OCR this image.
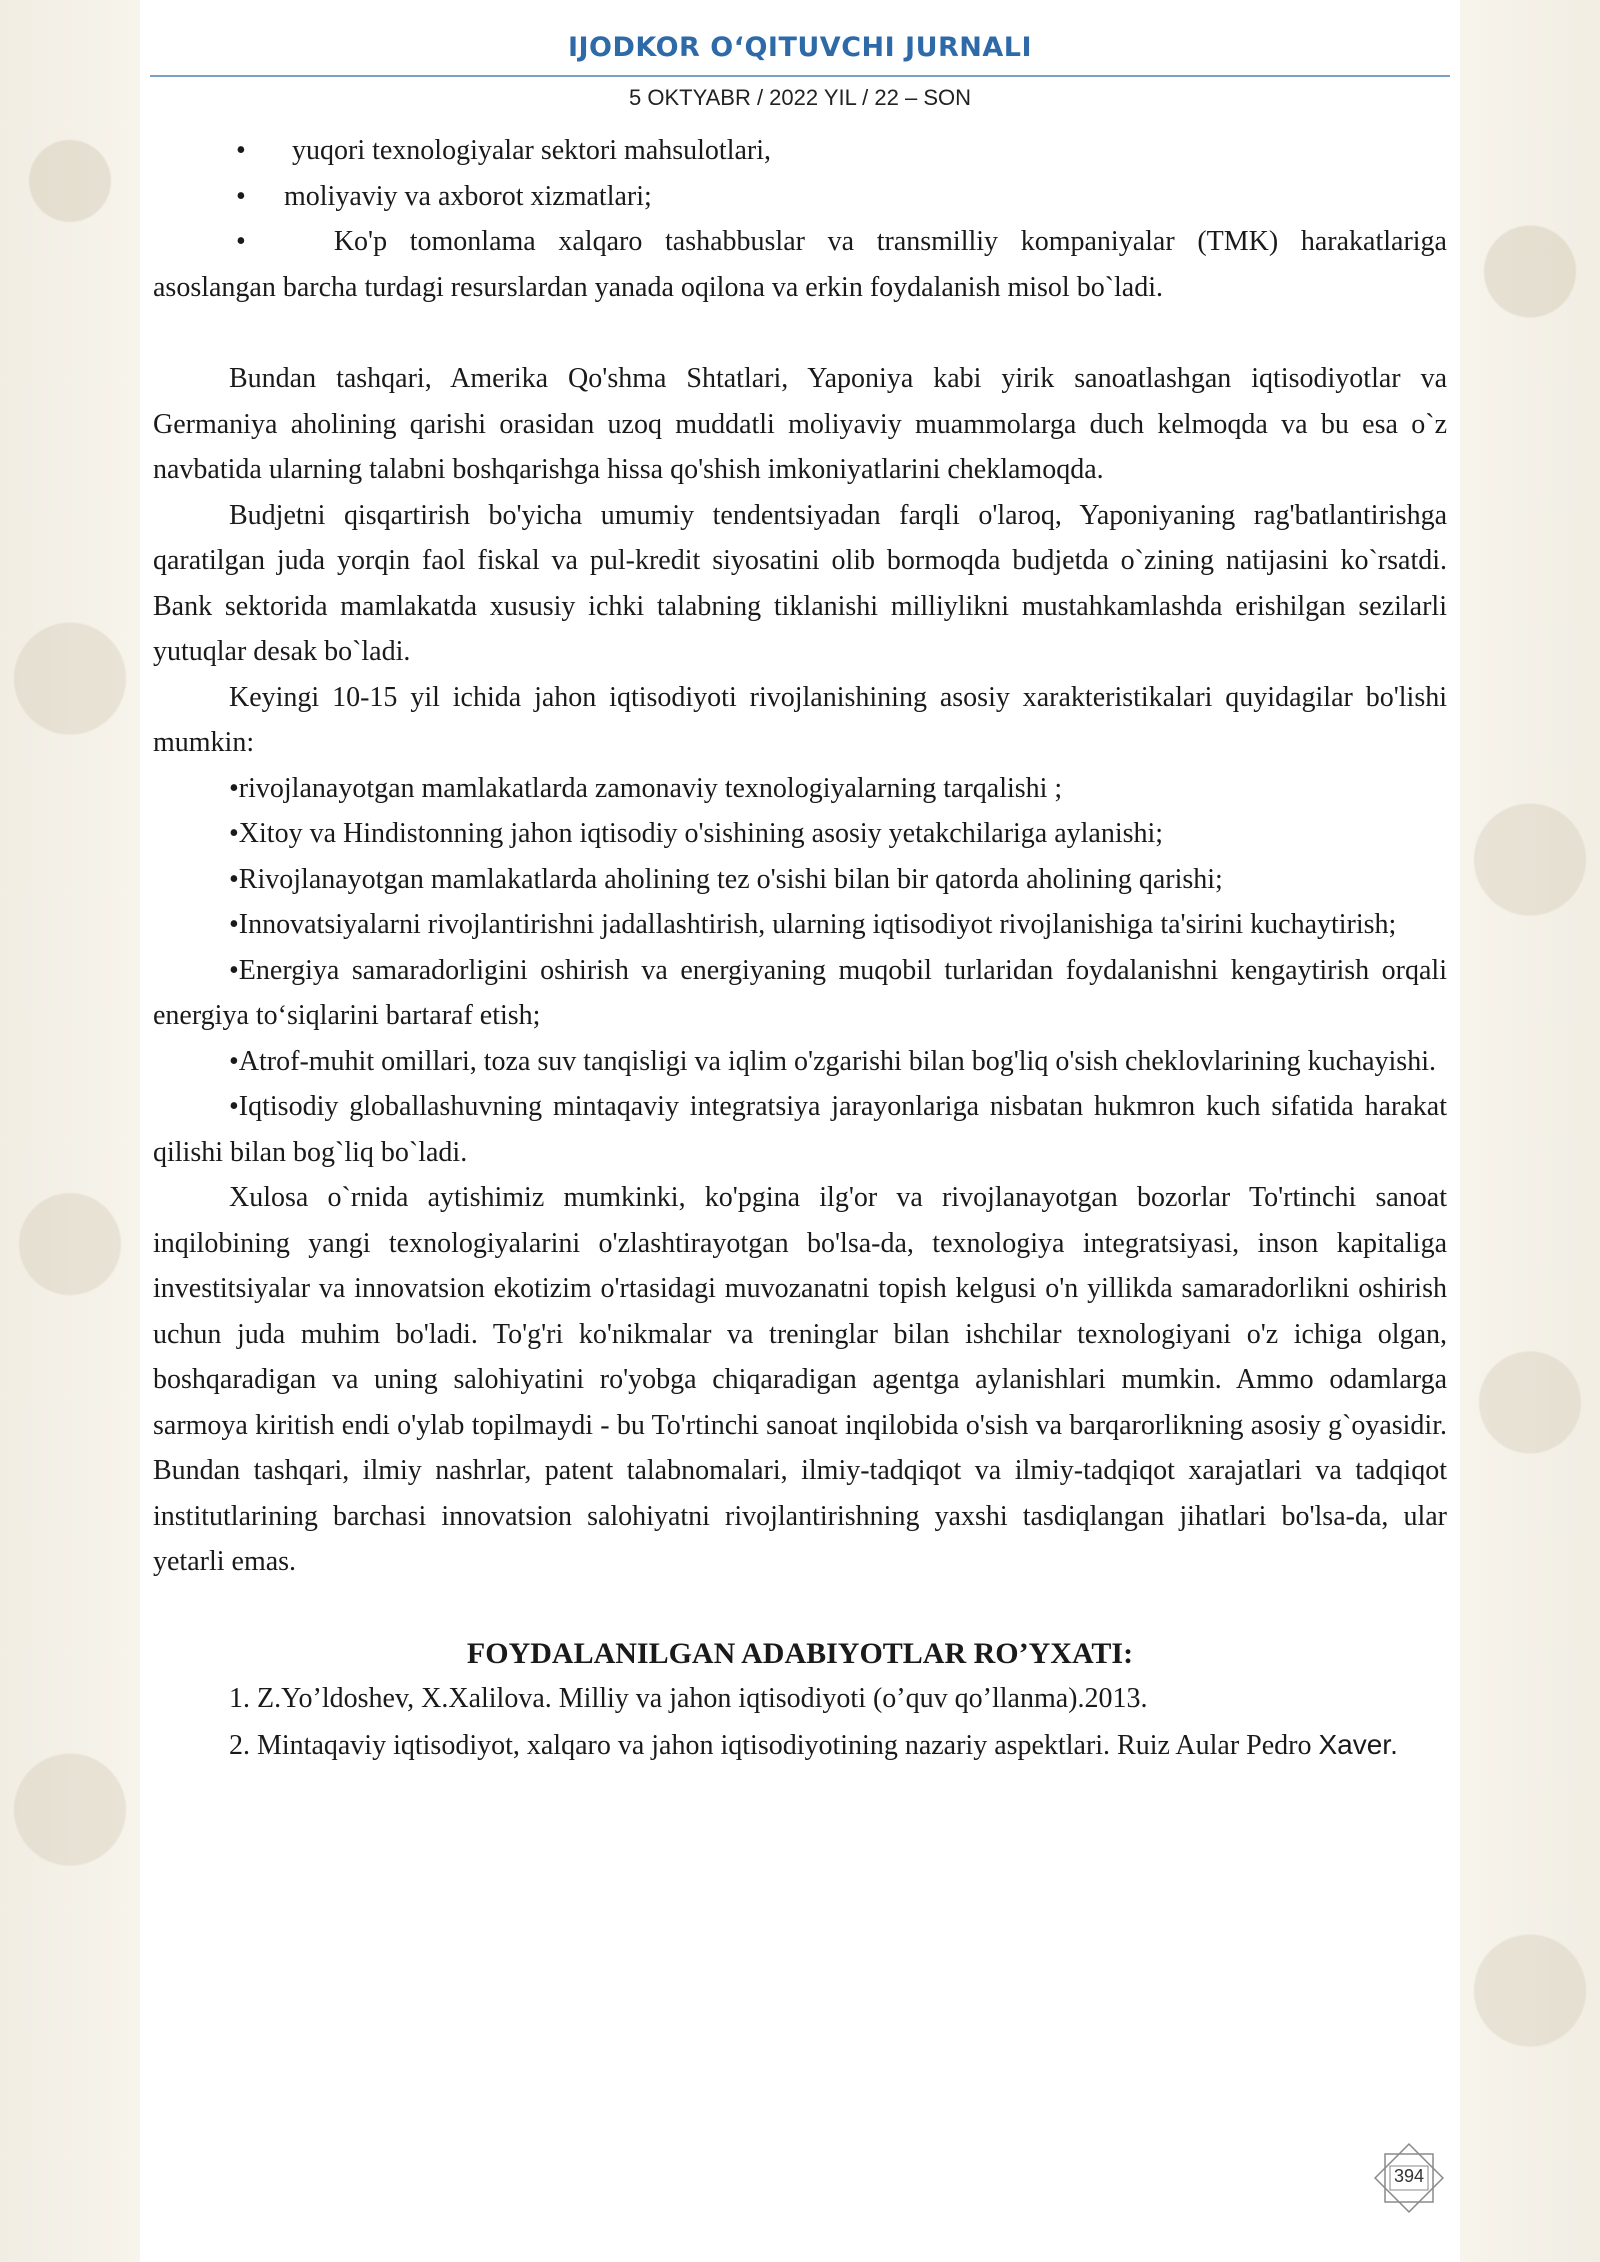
IJODKOR O‘QITUVCHI JURNALI
5 OKTYABR / 2022 YIL / 22 – SON
•	yuqori texnologiyalar sektori mahsulotlari,
•	moliyaviy va axborot xizmatlari;

•	Ko'p tomonlama xalqaro tashabbuslar va transmilliy kompaniyalar (TMK) harakatlariga asoslangan barcha turdagi resurslardan yanada oqilona va erkin foydalanish misol bo`ladi.

Bundan tashqari, Amerika Qo'shma Shtatlari, Yaponiya kabi yirik sanoatlashgan iqtisodiyotlar va Germaniya aholining qarishi orasidan uzoq muddatli moliyaviy muammolarga duch kelmoqda va bu esa o`z navbatida ularning talabni boshqarishga hissa qo'shish imkoniyatlarini cheklamoqda.

Budjetni qisqartirish bo'yicha umumiy tendentsiyadan farqli o'laroq, Yaponiyaning rag'batlantirishga qaratilgan juda yorqin faol fiskal va pul-kredit siyosatini olib bormoqda budjetda o`zining natijasini ko`rsatdi. Bank sektorida mamlakatda xususiy ichki talabning tiklanishi milliylikni mustahkamlashda erishilgan sezilarli yutuqlar desak bo`ladi.

Keyingi 10-15 yil ichida jahon iqtisodiyoti rivojlanishining asosiy xarakteristikalari quyidagilar bo'lishi mumkin:

•rivojlanayotgan mamlakatlarda zamonaviy texnologiyalarning tarqalishi ;

•Xitoy va Hindistonning jahon iqtisodiy o'sishining asosiy yetakchilariga aylanishi;

•Rivojlanayotgan mamlakatlarda aholining tez o'sishi bilan bir qatorda aholining qarishi;

•Innovatsiyalarni rivojlantirishni jadallashtirish, ularning iqtisodiyot rivojlanishiga ta'sirini kuchaytirish;

•Energiya samaradorligini oshirish va energiyaning muqobil turlaridan foydalanishni kengaytirish orqali energiya to‘siqlarini bartaraf etish;

•Atrof-muhit omillari, toza suv tanqisligi va iqlim o'zgarishi bilan bog'liq o'sish cheklovlarining kuchayishi.

•Iqtisodiy globallashuvning mintaqaviy integratsiya jarayonlariga nisbatan hukmron kuch sifatida harakat qilishi bilan bog`liq bo`ladi.

Xulosa o`rnida aytishimiz mumkinki, ko'pgina ilg'or va rivojlanayotgan bozorlar To'rtinchi sanoat inqilobining yangi texnologiyalarini o'zlashtirayotgan bo'lsa-da, texnologiya integratsiyasi, inson kapitaliga investitsiyalar va innovatsion ekotizim o'rtasidagi muvozanatni topish kelgusi o'n yillikda samaradorlikni oshirish uchun juda muhim bo'ladi. To'g'ri ko'nikmalar va treninglar bilan ishchilar texnologiyani o'z ichiga olgan, boshqaradigan va uning salohiyatini ro'yobga chiqaradigan agentga aylanishlari mumkin. Ammo odamlarga sarmoya kiritish endi o'ylab topilmaydi - bu To'rtinchi sanoat inqilobida o'sish va barqarorlikning asosiy g`oyasidir. Bundan tashqari, ilmiy nashrlar, patent talabnomalari, ilmiy-tadqiqot va ilmiy-tadqiqot xarajatlari va tadqiqot institutlarining barchasi innovatsion salohiyatni rivojlantirishning yaxshi tasdiqlangan jihatlari bo'lsa-da, ular yetarli emas.

FOYDALANILGAN ADABIYOTLAR RO’YXATI:

1. Z.Yo’ldoshev, X.Xalilova. Milliy va jahon iqtisodiyoti (o’quv qo’llanma).2013.

2. Mintaqaviy iqtisodiyot, xalqaro va jahon iqtisodiyotining nazariy aspektlari. Ruiz Aular Pedro Xaver.

394
